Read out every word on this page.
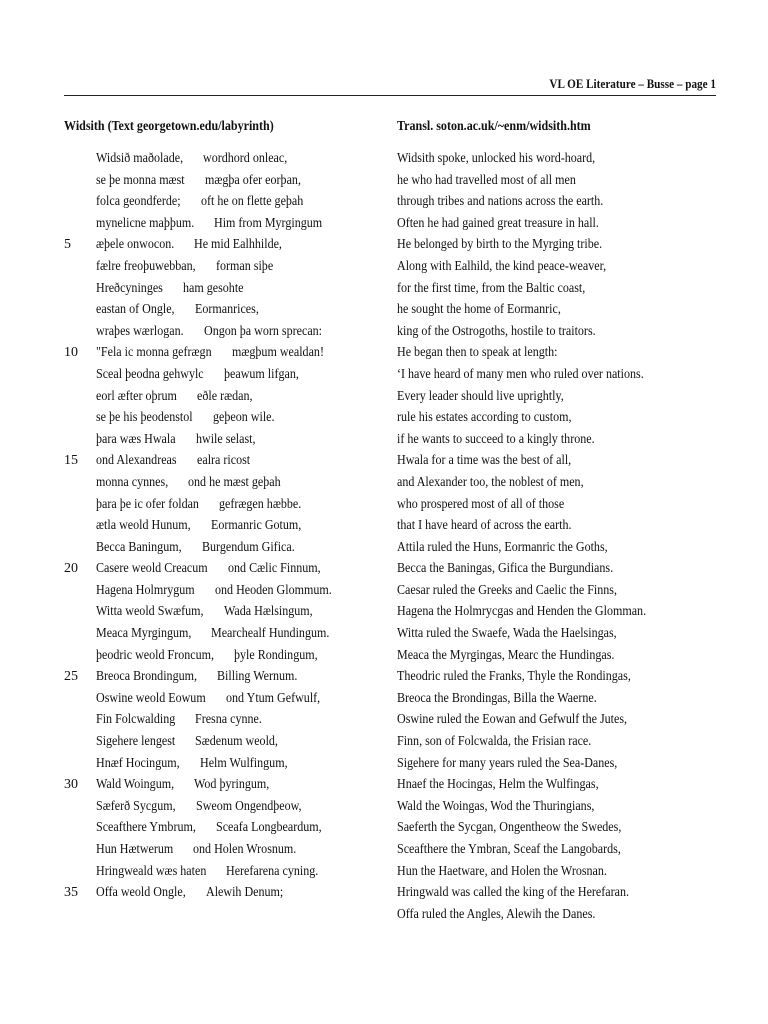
VL OE Literature – Busse – page 1
Widsith (Text georgetown.edu/labyrinth)	Transl. soton.ac.uk/~enm/widsith.htm
Widsið maðolade, wordhord onleac,
se þe monna mæst mægþa ofer eorþan,
folca geondferde; oft he on flette geþah
mynelicne maþþum. Him from Myrgingum
5 æþele onwocon. He mid Ealhhilde,
fælre freoþuwebban, forman siþe
Hreðcyninges ham gesohte
eastan of Ongle, Eormanrices,
wraþes wærlogan. Ongon þa worn sprecan:
10 "Fela ic monna gefrægn mægþum wealdan!
Sceal þeodna gehwylc þeawum lifgan,
eorl æfter oþrum eðle rædan,
se þe his þeodenstol geþeon wile.
þara wæs Hwala hwile selast,
15 ond Alexandreas ealra ricost
monna cynnes, ond he mæst geþah
þara þe ic ofer foldan gefrægen hæbbe.
ætla weold Hunum, Eormanric Gotum,
Becca Baningum, Burgendum Gifica.
20 Casere weold Creacum ond Cælic Finnum,
Hagena Holmrygum ond Heoden Glommum.
Witta weold Swæfum, Wada Hælsingum,
Meaca Myrgingum, Mearchealf Hundingum.
þeodric weold Froncum, þyle Rondingum,
25 Breoca Brondingum, Billing Wernum.
Oswine weold Eowum ond Ytum Gefwulf,
Fin Folcwalding Fresna cynne.
Sigehere lengest Sædenum weold,
Hnæf Hocingum, Helm Wulfingum,
30 Wald Woingum, Wod þyringum,
Sæferð Sycgum, Sweom Ongendþeow,
Sceafthere Ymbrum, Sceafa Longbeardum,
Hun Hætwerum ond Holen Wrosnum.
Hringweald wæs haten Herefarena cyning.
35 Offa weold Ongle, Alewih Denum;
Widsith spoke, unlocked his word-hoard,
he who had travelled most of all men
through tribes and nations across the earth.
Often he had gained great treasure in hall.
He belonged by birth to the Myrging tribe.
Along with Ealhild, the kind peace-weaver,
for the first time, from the Baltic coast,
he sought the home of Eormanric,
king of the Ostrogoths, hostile to traitors.
He began then to speak at length:
‘I have heard of many men who ruled over nations.
Every leader should live uprightly,
rule his estates according to custom,
if he wants to succeed to a kingly throne.
Hwala for a time was the best of all,
and Alexander too, the noblest of men,
who prospered most of all of those
that I have heard of across the earth.
Attila ruled the Huns, Eormanric the Goths,
Becca the Baningas, Gifica the Burgundians.
Caesar ruled the Greeks and Caelic the Finns,
Hagena the Holmrycgas and Henden the Glomman.
Witta ruled the Swaefe, Wada the Haelsingas,
Meaca the Myrgingas, Mearc the Hundingas.
Theodric ruled the Franks, Thyle the Rondingas,
Breoca the Brondingas, Billa the Waerne.
Oswine ruled the Eowan and Gefwulf the Jutes,
Finn, son of Folcwalda, the Frisian race.
Sigehere for many years ruled the Sea-Danes,
Hnaef the Hocingas, Helm the Wulfingas,
Wald the Woingas, Wod the Thuringians,
Saeferth the Sycgan, Ongentheow the Swedes,
Sceafthere the Ymbran, Sceaf the Langobards,
Hun the Haetware, and Holen the Wrosnan.
Hringwald was called the king of the Herefaran.
Offa ruled the Angles, Alewih the Danes.
